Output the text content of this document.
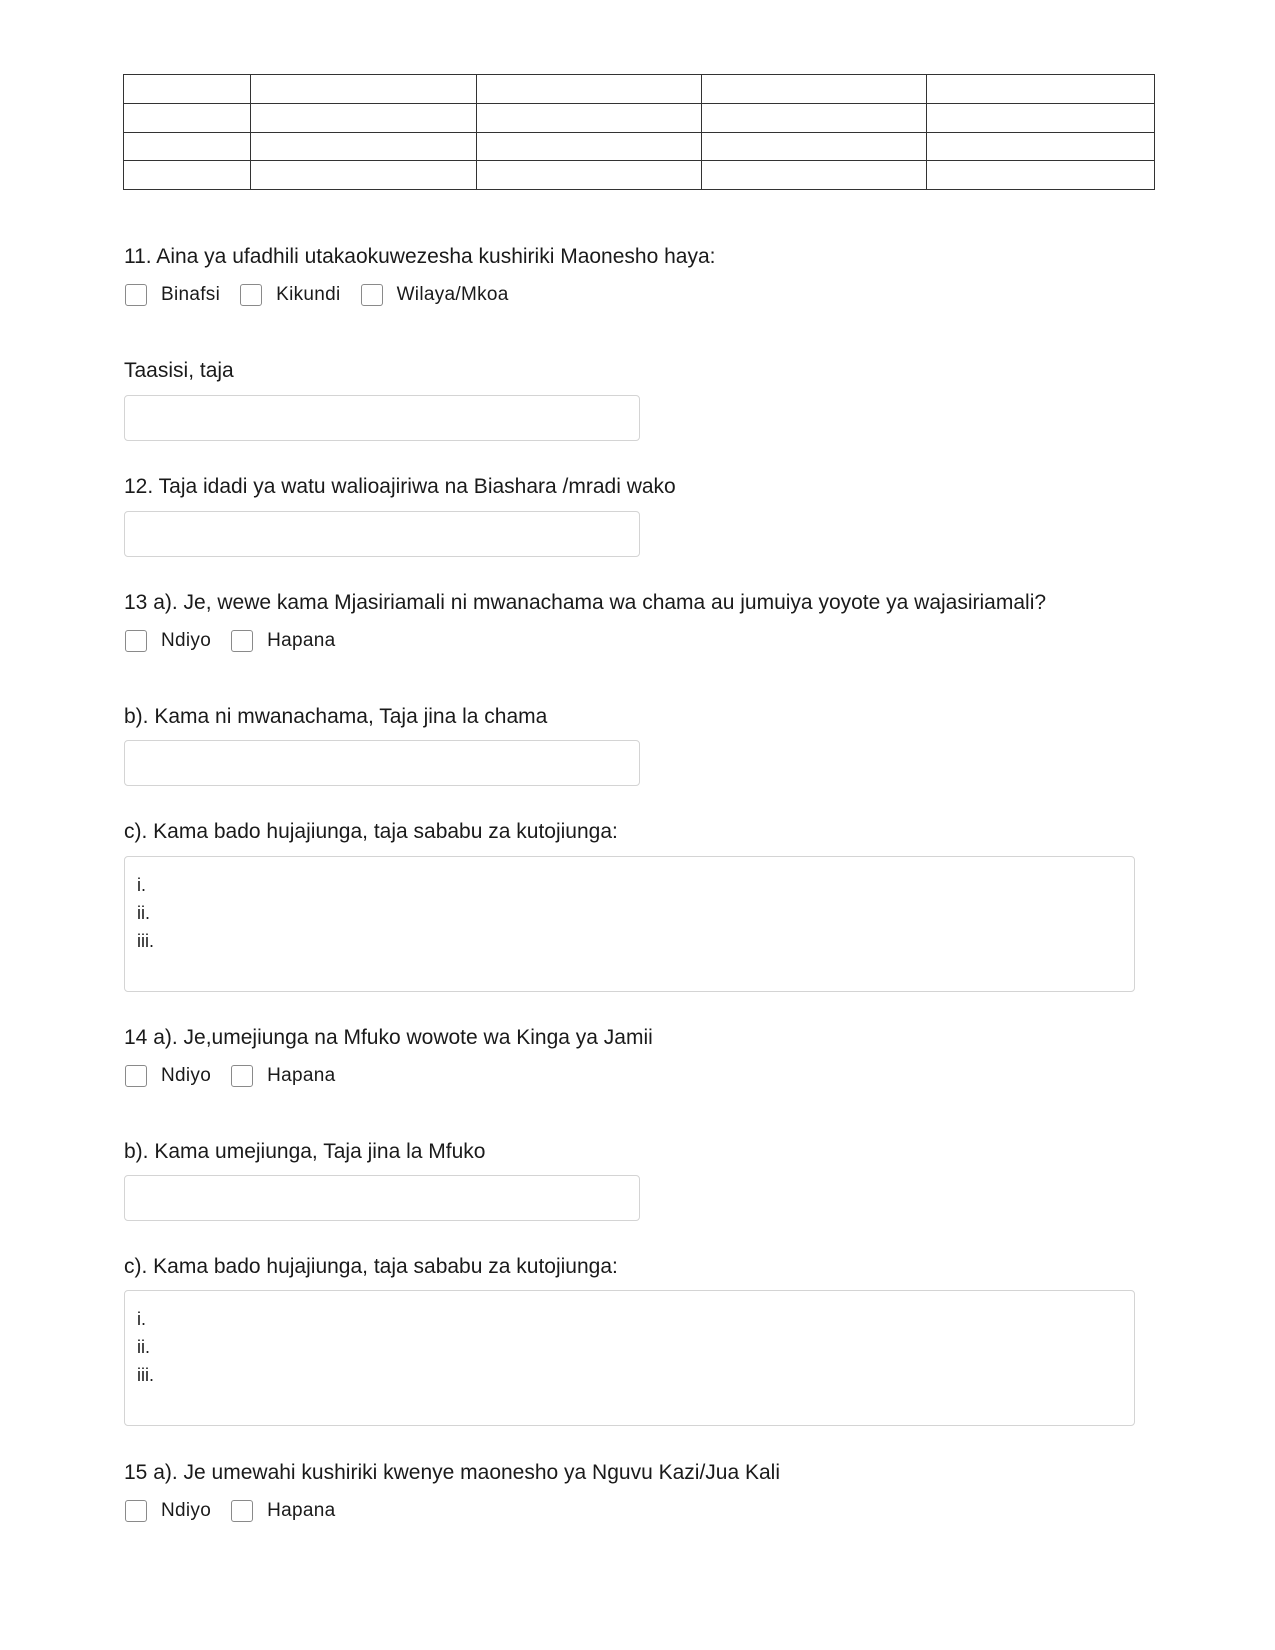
11. Aina ya ufadhili utakaokuwezesha kushiriki Maonesho haya:
Binafsi	Kikundi	Wilaya/Mkoa
Taasisi, taja
12. Taja idadi ya watu walioajiriwa na Biashara /mradi wako
13 a). Je, wewe kama Mjasiriamali ni mwanachama wa chama au jumuiya yoyote ya wajasiriamali?
Ndiyo	Hapana
b). Kama ni mwanachama, Taja jina la chama
c). Kama bado hujajiunga, taja sababu za kutojiunga:
i.
ii.
iii.
14 a). Je,umejiunga na Mfuko wowote wa Kinga ya Jamii
Ndiyo	Hapana
b). Kama umejiunga, Taja jina la Mfuko
c). Kama bado hujajiunga, taja sababu za kutojiunga:
i.
ii.
iii.
15 a). Je umewahi kushiriki kwenye maonesho ya Nguvu Kazi/Jua Kali
Ndiyo	Hapana
